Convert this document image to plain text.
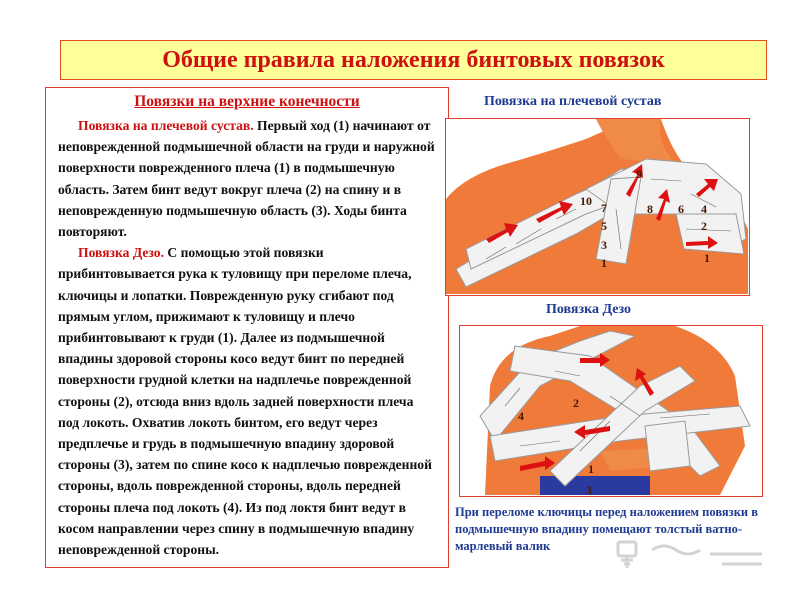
Общие правила наложения бинтовых повязок
Повязки на верхние конечности

Повязка на плечевой сустав. Первый ход (1) начинают от неповрежденной подмышечной области на груди и наружной поверхности поврежденного плеча (1) в подмышечную область. Затем бинт ведут вокруг плеча (2) на спину и в неповрежденную подмышечную область (3). Ходы бинта повторяют.

Повязка Дезо. С помощью этой повязки прибинтовывается рука к туловищу при переломе плеча, ключицы и лопатки. Поврежденную руку сгибают под прямым углом, прижимают к туловищу и плечо прибинтовывают к груди (1). Далее из подмышечной впадины здоровой стороны косо ведут бинт по передней поверхности грудной клетки на надплечье поврежденной стороны (2), отсюда вниз вдоль задней поверхности плеча под локоть. Охватив локоть бинтом, его ведут через предплечье и грудь в подмышечную впадину здоровой стороны (3), затем по спине косо к надплечью поврежденной стороны, вдоль поврежденной стороны, вдоль передней стороны плеча под локоть (4). Из под локтя бинт ведут в косом направлении через спину в подмышечную впадину неповрежденной стороны.

Повязка на плечевой сустав
9
10 7	8 6 4
5	2
3
1	1
Повязка Дезо
2
4
1
3
При переломе ключицы перед наложением повязки в подмышечную впадину помещают толстый ватно-марлевый валик
